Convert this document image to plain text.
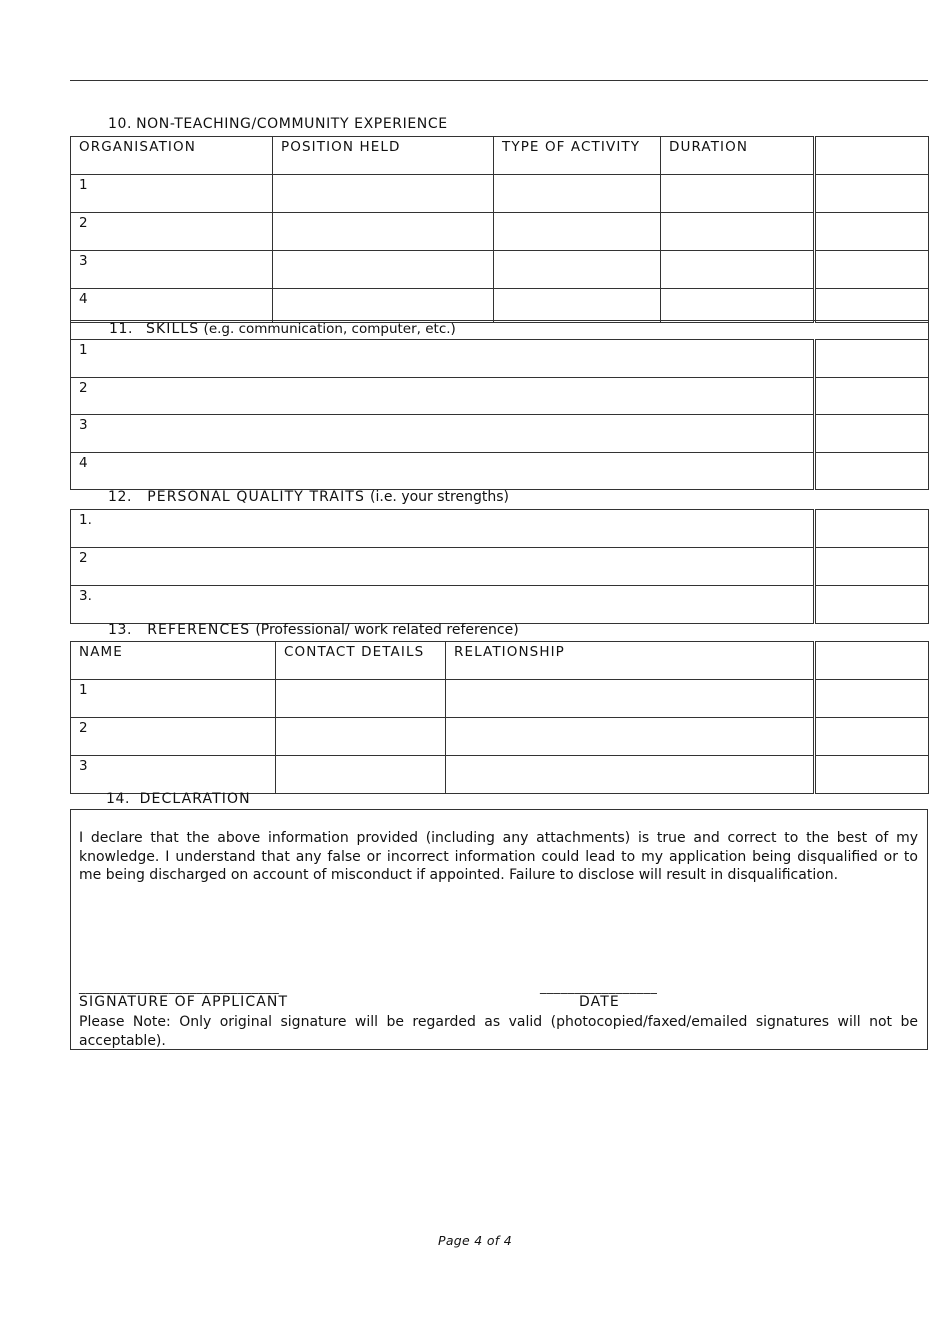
10. NON-TEACHING/COMMUNITY EXPERIENCE
ORGANISATION	POSITION HELD	TYPE OF ACTIVITY	DURATION	
1				
2				
3				
4				
11. SKILLS (e.g. communication, computer, etc.)	
1	
2	
3	
4	
12. PERSONAL QUALITY TRAITS (i.e. your strengths)
1.	
2	
3.	
13. REFERENCES (Professional/ work related reference)
NAME	CONTACT DETAILS	RELATIONSHIP	
1			
2			
3			
14. DECLARATION
I declare that the above information provided (including any attachments) is true and correct to the best of my knowledge. I understand that any false or incorrect information could lead to my application being disqualified or to me being discharged on account of misconduct if appointed. Failure to disclose will result in disqualification.
_____________________________	_________________
SIGNATURE OF APPLICANT	DATE
Please Note: Only original signature will be regarded as valid (photocopied/faxed/emailed signatures will not be acceptable).
Page 4 of 4
